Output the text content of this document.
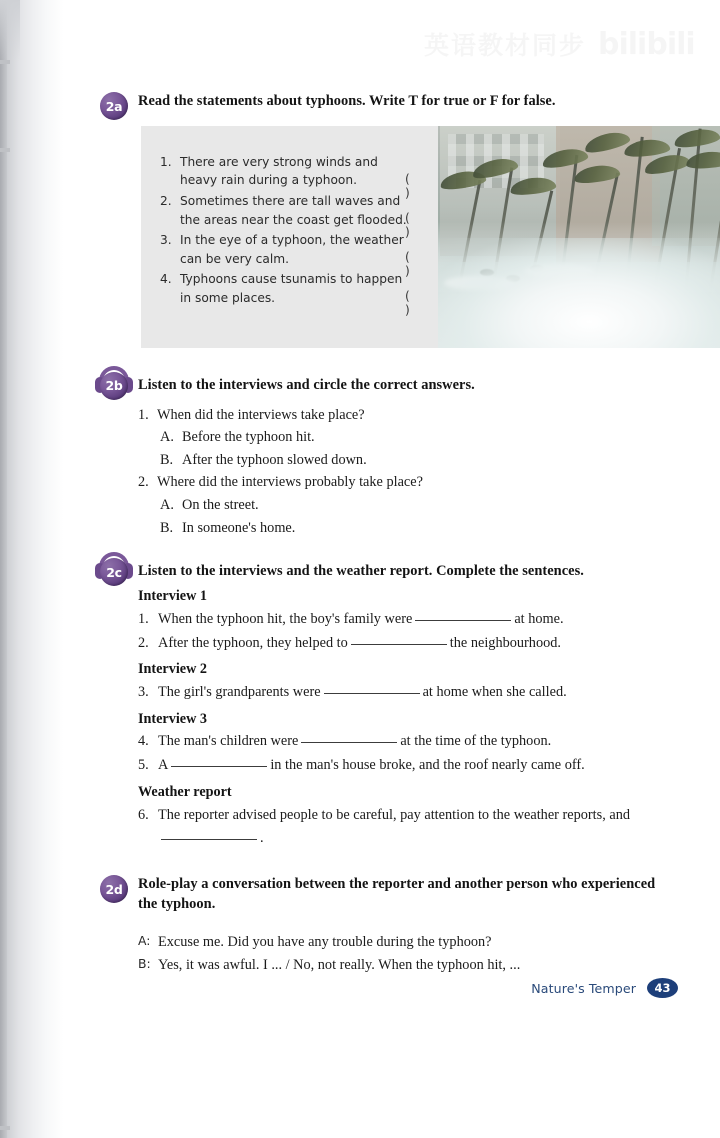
2a	Read the statements about typhoons. Write T for true or F for false.
1. There are very strong winds and
heavy rain during a typhoon.	( )
2. Sometimes there are tall waves and
the areas near the coast get flooded.
( )
3. In the eye of a typhoon, the weather
can be very calm.	( )
4. Typhoons cause tsunamis to happen
in some places.	( )
2b	Listen to the interviews and circle the correct answers.
1. When did the interviews take place?
A. Before the typhoon hit.
B. After the typhoon slowed down.
2. Where did the interviews probably take place?
A. On the street.
B. In someone's home.
2c	Listen to the interviews and the weather report. Complete the sentences.
Interview 1
1. When the typhoon hit, the boy's family were	at home.
2. After the typhoon, they helped to	the neighbourhood.
Interview 2
3. The girl's grandparents were	at home when she called.
Interview 3
4. The man's children were	at the time of the typhoon.
5. A	in the man's house broke, and the roof nearly came off.
Weather report
6. The reporter advised people to be careful, pay attention to the weather reports, and.
2d	Role-play a conversation between the reporter and another person who experienced the typhoon.
A: Excuse me. Did you have any trouble during the typhoon?
B: Yes, it was awful. I ... / No, not really. When the typhoon hit, ...
Nature's Temper	43
